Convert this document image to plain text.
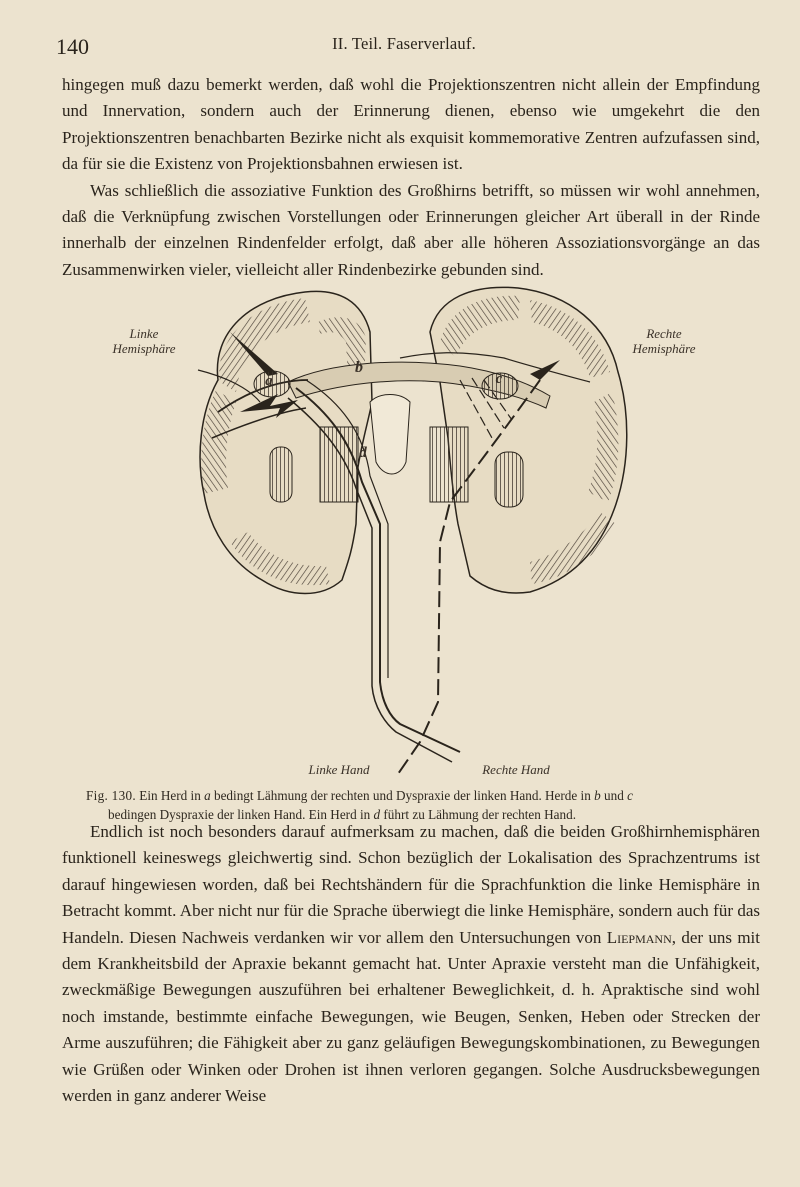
140	II. Teil. Faserverlauf.

hingegen muß dazu bemerkt werden, daß wohl die Projektionszentren nicht allein der Empfindung und Innervation, sondern auch der Erinnerung dienen, ebenso wie umgekehrt die den Projektionszentren benachbarten Bezirke nicht als exquisit kommemorative Zentren aufzufassen sind, da für sie die Existenz von Projektionsbahnen erwiesen ist.

Was schließlich die assoziative Funktion des Großhirns betrifft, so müssen wir wohl annehmen, daß die Verknüpfung zwischen Vorstellungen oder Erinnerungen gleicher Art überall in der Rinde innerhalb der einzelnen Rindenfelder erfolgt, daß aber alle höheren Assoziationsvorgänge an das Zusammenwirken vieler, vielleicht aller Rindenbezirke gebunden sind.

Linke
Hemisphäre
Rechte
Hemisphäre
a
b
c
d
Linke Hand	Rechte Hand
Fig. 130. Ein Herd in a bedingt Lähmung der rechten und Dyspraxie der linken Hand. Herde in b und c
bedingen Dyspraxie der linken Hand. Ein Herd in d führt zu Lähmung der rechten Hand.

Endlich ist noch besonders darauf aufmerksam zu machen, daß die beiden Großhirnhemisphären funktionell keineswegs gleichwertig sind. Schon bezüglich der Lokalisation des Sprachzentrums ist darauf hingewiesen worden, daß bei Rechtshändern für die Sprachfunktion die linke Hemisphäre in Betracht kommt. Aber nicht nur für die Sprache überwiegt die linke Hemisphäre, sondern auch für das Handeln. Diesen Nachweis verdanken wir vor allem den Untersuchungen von Liepmann, der uns mit dem Krankheitsbild der Apraxie bekannt gemacht hat. Unter Apraxie versteht man die Unfähigkeit, zweckmäßige Bewegungen auszuführen bei erhaltener Beweglichkeit, d. h. Apraktische sind wohl noch imstande, bestimmte einfache Bewegungen, wie Beugen, Senken, Heben oder Strecken der Arme auszuführen; die Fähigkeit aber zu ganz geläufigen Bewegungskombinationen, zu Bewegungen wie Grüßen oder Winken oder Drohen ist ihnen verloren gegangen. Solche Ausdrucksbewegungen werden in ganz anderer Weise
